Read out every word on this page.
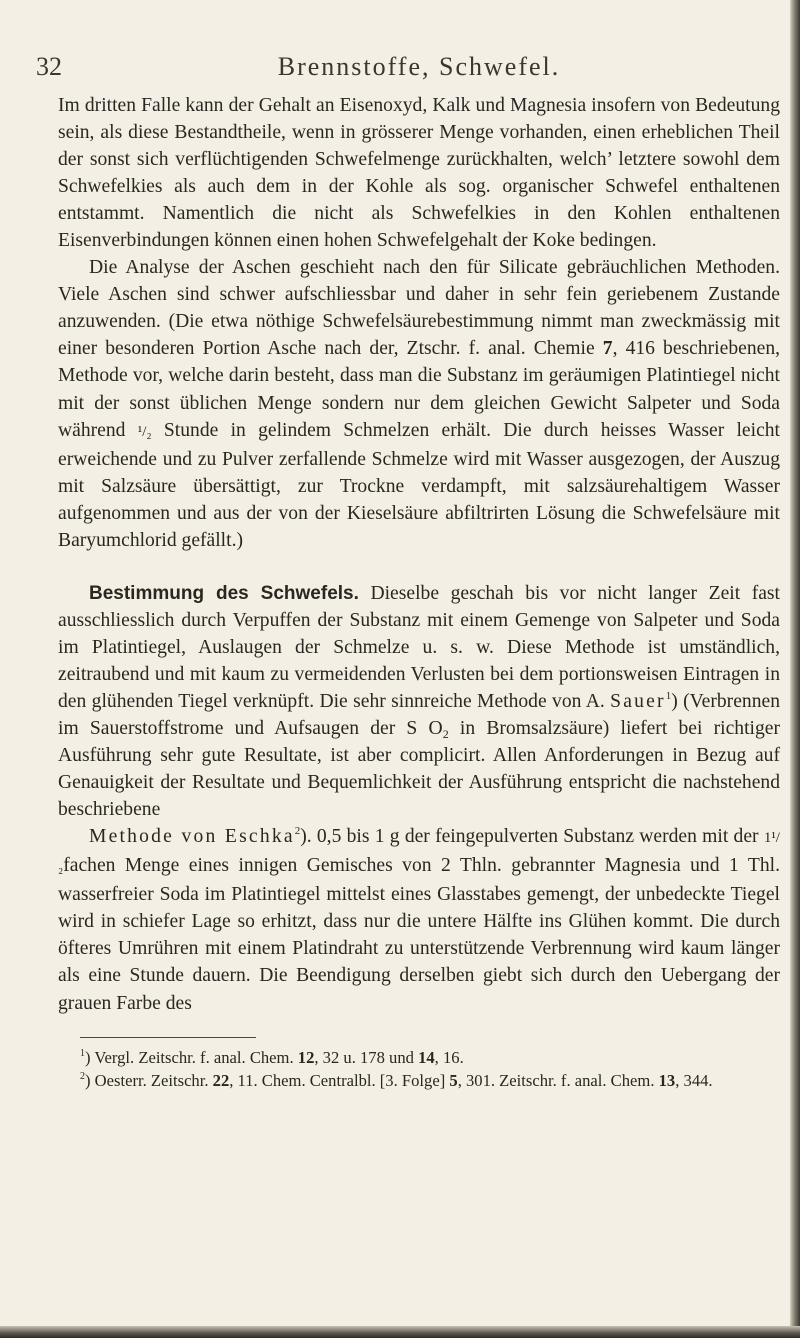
32	Brennstoffe, Schwefel.

Im dritten Falle kann der Gehalt an Eisenoxyd, Kalk und Magnesia insofern von Bedeutung sein, als diese Bestandtheile, wenn in grösserer Menge vorhanden, einen erheblichen Theil der sonst sich verflüchtigenden Schwefelmenge zurückhalten, welch’ letztere sowohl dem Schwefelkies als auch dem in der Kohle als sog. organischer Schwefel enthaltenen entstammt. Namentlich die nicht als Schwefelkies in den Kohlen enthaltenen Eisenverbindungen können einen hohen Schwefelgehalt der Koke bedingen.

Die Analyse der Aschen geschieht nach den für Silicate gebräuchlichen Methoden. Viele Aschen sind schwer aufschliessbar und daher in sehr fein geriebenem Zustande anzuwenden. (Die etwa nöthige Schwefelsäurebestimmung nimmt man zweckmässig mit einer besonderen Portion Asche nach der, Ztschr. f. anal. Chemie 7, 416 beschriebenen, Methode vor, welche darin besteht, dass man die Substanz im geräumigen Platintiegel nicht mit der sonst üblichen Menge sondern nur dem gleichen Gewicht Salpeter und Soda während ¹/₂ Stunde in gelindem Schmelzen erhält. Die durch heisses Wasser leicht erweichende und zu Pulver zerfallende Schmelze wird mit Wasser ausgezogen, der Auszug mit Salzsäure übersättigt, zur Trockne verdampft, mit salzsäurehaltigem Wasser aufgenommen und aus der von der Kieselsäure abfiltrirten Lösung die Schwefelsäure mit Baryumchlorid gefällt.)

Bestimmung des Schwefels. Dieselbe geschah bis vor nicht langer Zeit fast ausschliesslich durch Verpuffen der Substanz mit einem Gemenge von Salpeter und Soda im Platintiegel, Auslaugen der Schmelze u. s. w. Diese Methode ist umständlich, zeitraubend und mit kaum zu vermeidenden Verlusten bei dem portionsweisen Eintragen in den glühenden Tiegel verknüpft. Die sehr sinnreiche Methode von A. Sauer$^1$) (Verbrennen im Sauerstoffstrome und Aufsaugen der S $O_2$ in Bromsalzsäure) liefert bei richtiger Ausführung sehr gute Resultate, ist aber complicirt. Allen Anforderungen in Bezug auf Genauigkeit der Resultate und Bequemlichkeit der Ausführung entspricht die nachstehend beschriebene

Methode von Eschka$^2$). 0,5 bis 1 g der feingepulverten Substanz werden mit der 1¹/₂fachen Menge eines innigen Gemisches von 2 Thln. gebrannter Magnesia und 1 Thl. wasserfreier Soda im Platintiegel mittelst eines Glasstabes gemengt, der unbedeckte Tiegel wird in schiefer Lage so erhitzt, dass nur die untere Hälfte ins Glühen kommt. Die durch öfteres Umrühren mit einem Platindraht zu unterstützende Verbrennung wird kaum länger als eine Stunde dauern. Die Beendigung derselben giebt sich durch den Uebergang der grauen Farbe des

$^1$) Vergl. Zeitschr. f. anal. Chem. 12, 32 u. 178 und 14, 16.

$^2$) Oesterr. Zeitschr. 22, 11. Chem. Centralbl. [3. Folge] 5, 301. Zeitschr. f. anal. Chem. 13, 344.
